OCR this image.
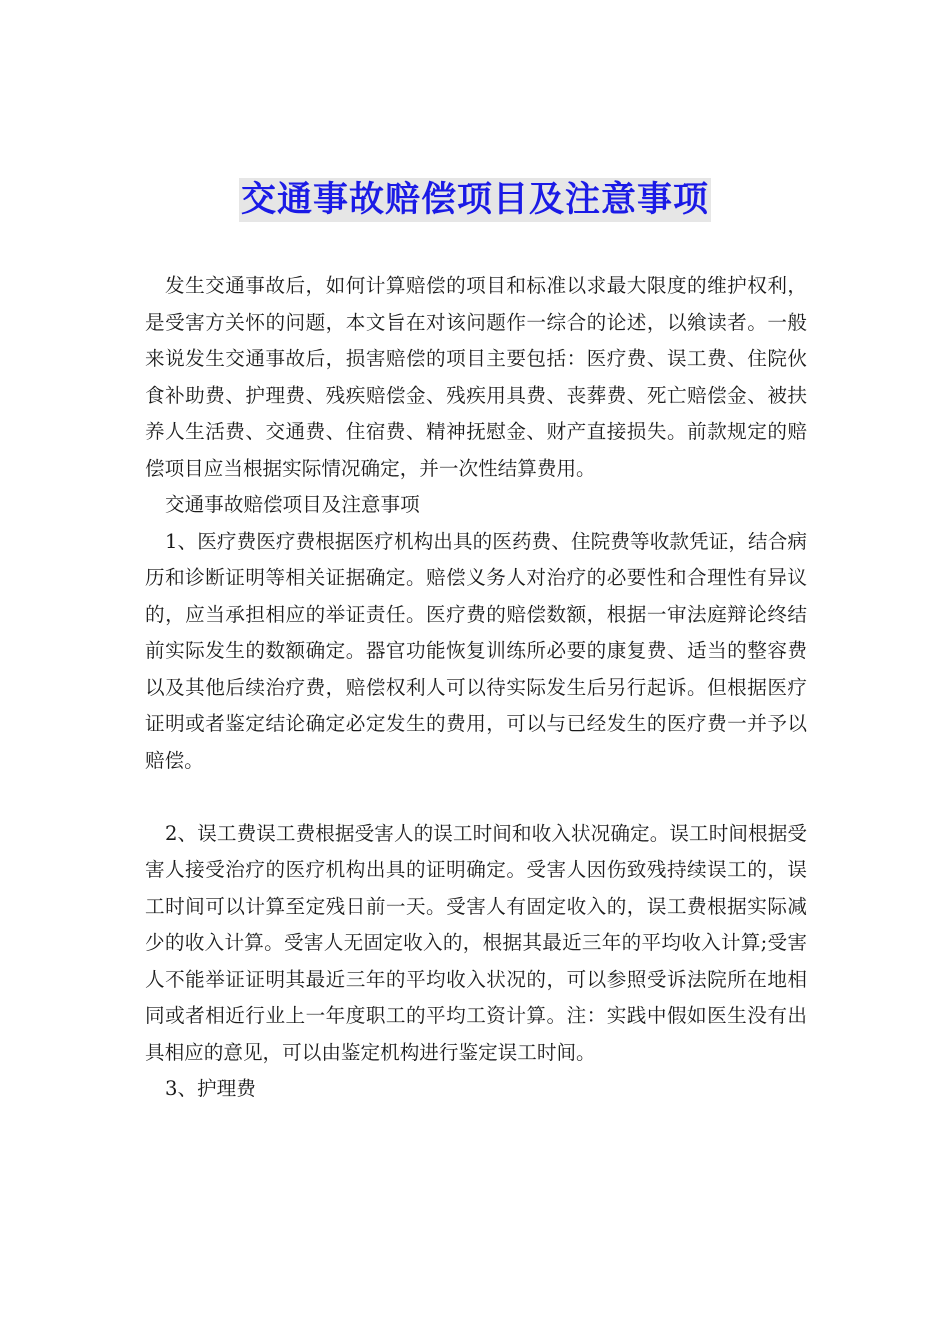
交通事故赔偿项目及注意事项

发生交通事故后，如何计算赔偿的项目和标准以求最大限度的维护权利，是受害方关怀的问题，本文旨在对该问题作一综合的论述，以飨读者。一般来说发生交通事故后，损害赔偿的项目主要包括：医疗费、误工费、住院伙食补助费、护理费、残疾赔偿金、残疾用具费、丧葬费、死亡赔偿金、被扶养人生活费、交通费、住宿费、精神抚慰金、财产直接损失。前款规定的赔偿项目应当根据实际情况确定，并一次性结算费用。

交通事故赔偿项目及注意事项

1、医疗费医疗费根据医疗机构出具的医药费、住院费等收款凭证，结合病历和诊断证明等相关证据确定。赔偿义务人对治疗的必要性和合理性有异议的，应当承担相应的举证责任。医疗费的赔偿数额，根据一审法庭辩论终结前实际发生的数额确定。器官功能恢复训练所必要的康复费、适当的整容费以及其他后续治疗费，赔偿权利人可以待实际发生后另行起诉。但根据医疗证明或者鉴定结论确定必定发生的费用，可以与已经发生的医疗费一并予以赔偿。

2、误工费误工费根据受害人的误工时间和收入状况确定。误工时间根据受害人接受治疗的医疗机构出具的证明确定。受害人因伤致残持续误工的，误工时间可以计算至定残日前一天。受害人有固定收入的，误工费根据实际减少的收入计算。受害人无固定收入的，根据其最近三年的平均收入计算;受害人不能举证证明其最近三年的平均收入状况的，可以参照受诉法院所在地相同或者相近行业上一年度职工的平均工资计算。注：实践中假如医生没有出具相应的意见，可以由鉴定机构进行鉴定误工时间。

3、护理费
